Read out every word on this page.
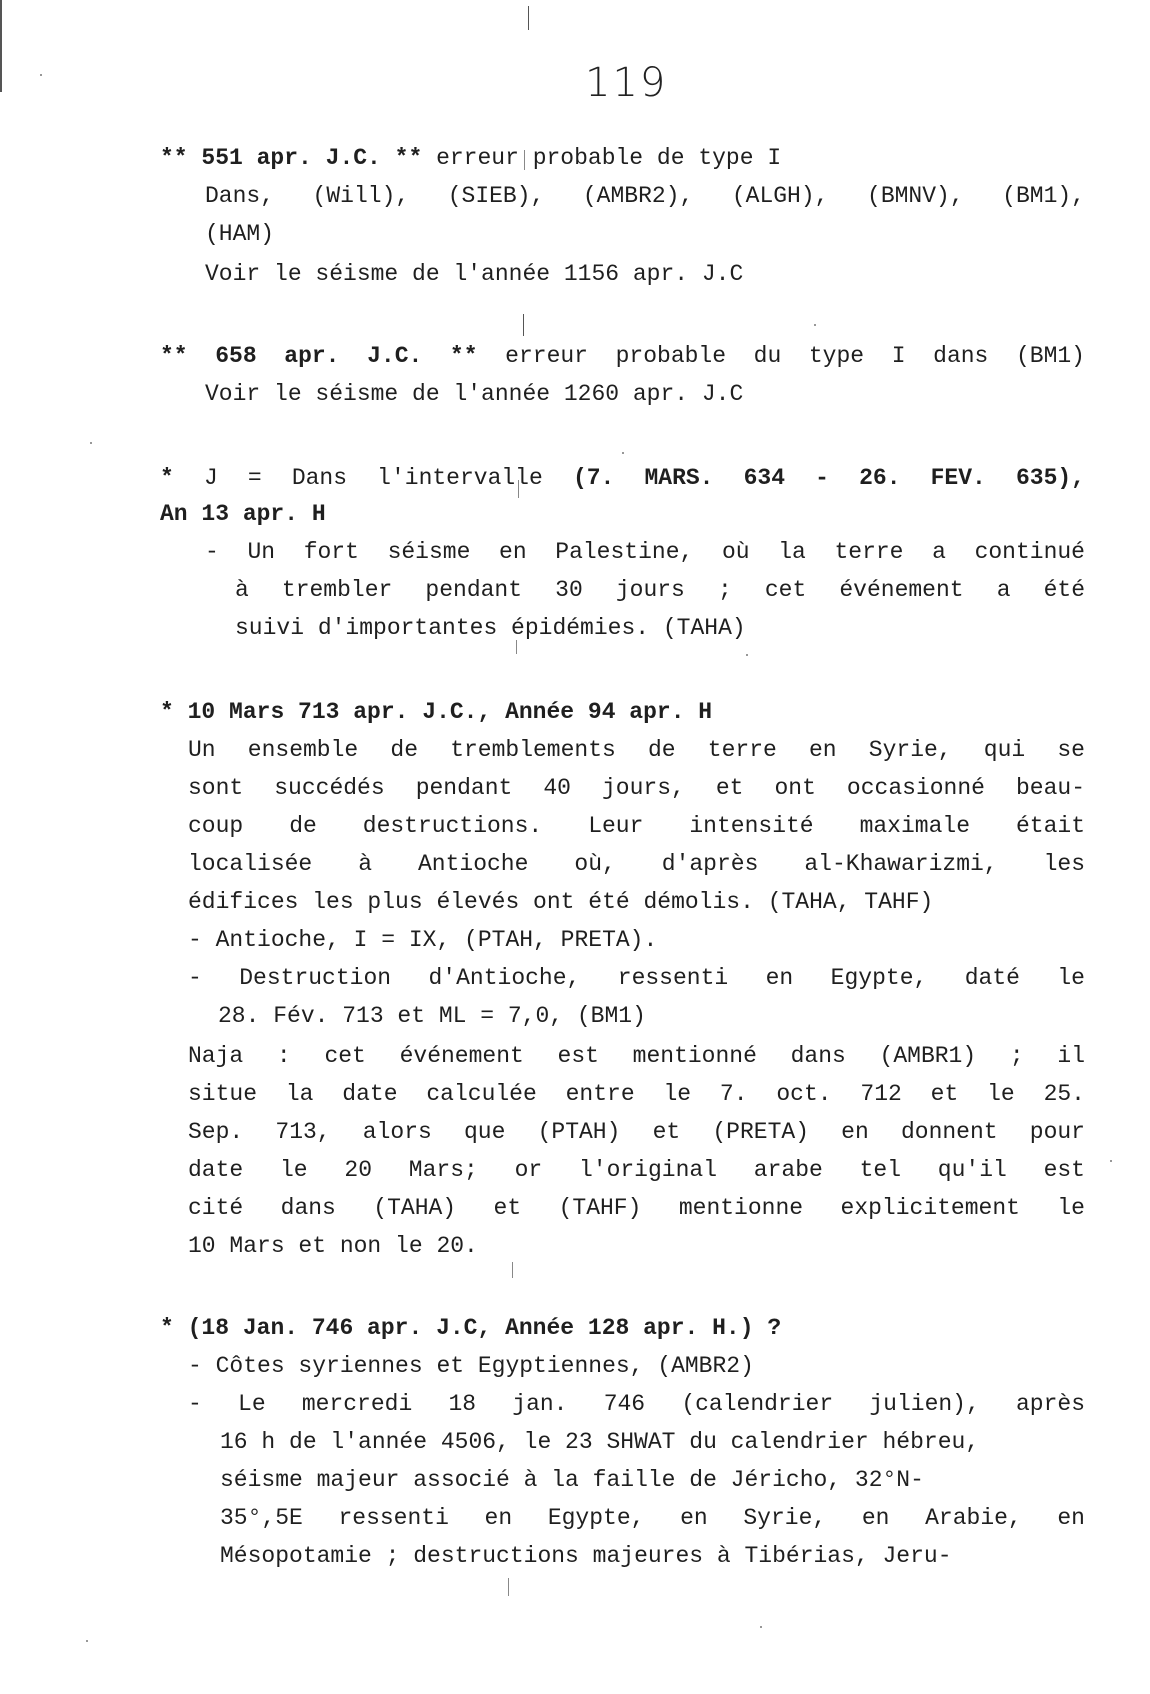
119
** 551 apr. J.C. ** erreur probable de type I
Dans, (Will), (SIEB), (AMBR2), (ALGH), (BMNV), (BM1),
(HAM)
Voir le séisme de l'année 1156 apr. J.C
** 658 apr. J.C. ** erreur probable du type I dans (BM1)
Voir le séisme de l'année 1260 apr. J.C
* J = Dans l'intervalle (7. MARS. 634 - 26. FEV. 635),
An 13 apr. H
- Un fort séisme en Palestine, où la terre a continué
à trembler pendant 30 jours ; cet événement a été
suivi d'importantes épidémies. (TAHA)
* 10 Mars 713 apr. J.C., Année 94 apr. H
Un ensemble de tremblements de terre en Syrie, qui se
sont succédés pendant 40 jours, et ont occasionné beau-
coup de destructions. Leur intensité maximale était
localisée à Antioche où, d'après al-Khawarizmi, les
édifices les plus élevés ont été démolis. (TAHA, TAHF)
- Antioche, I = IX, (PTAH, PRETA).
- Destruction d'Antioche, ressenti en Egypte, daté le
28. Fév. 713 et ML = 7,0, (BM1)
Naja : cet événement est mentionné dans (AMBR1) ; il
situe la date calculée entre le 7. oct. 712 et le 25.
Sep. 713, alors que (PTAH) et (PRETA) en donnent pour
date le 20 Mars; or l'original arabe tel qu'il est
cité dans (TAHA) et (TAHF) mentionne explicitement le
10 Mars et non le 20.
* (18 Jan. 746 apr. J.C, Année 128 apr. H.) ?
- Côtes syriennes et Egyptiennes, (AMBR2)
- Le mercredi 18 jan. 746 (calendrier julien), après
16 h de l'année 4506, le 23 SHWAT du calendrier hébreu,
séisme majeur associé à la faille de Jéricho, 32°N-
35°,5E ressenti en Egypte, en Syrie, en Arabie, en
Mésopotamie ; destructions majeures à Tibérias, Jeru-
